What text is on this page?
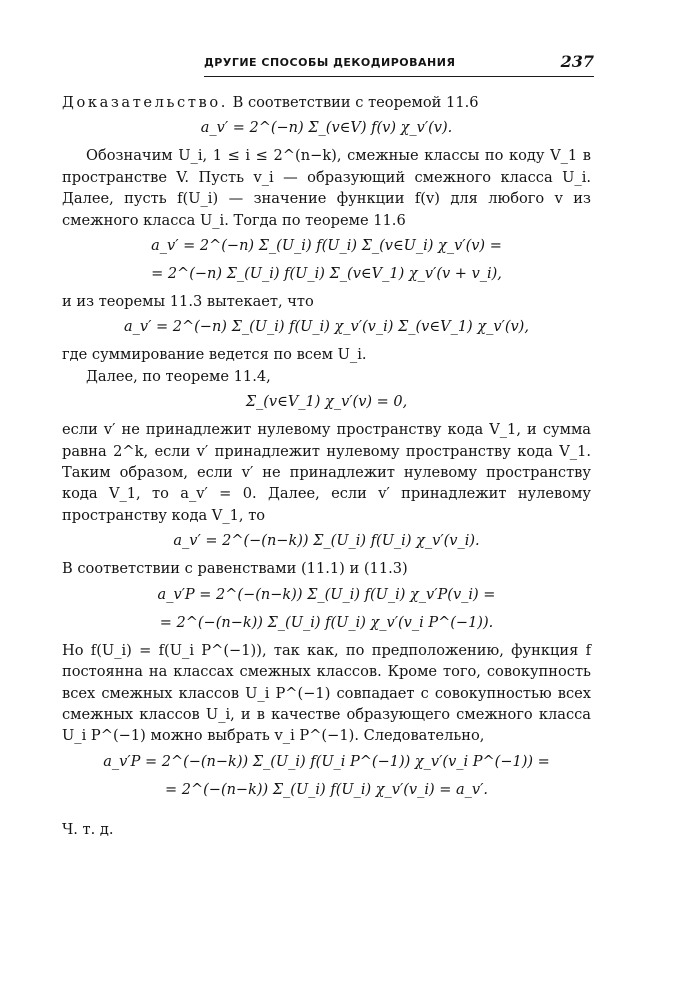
ДРУГИЕ СПОСОБЫ ДЕКОДИРОВАНИЯ	237

Доказательство. В соответствии с теоремой 11.6

a_v′ = 2^(−n) Σ_(v∈V) f(v) χ_v′(v).

Обозначим U_i, 1 ≤ i ≤ 2^(n−k), смежные классы по коду V_1 в пространстве V. Пусть v_i — образующий смежного класса U_i. Далее, пусть f(U_i) — значение функции f(v) для любого v из смежного класса U_i. Тогда по теореме 11.6

a_v′ = 2^(−n) Σ_(U_i) f(U_i) Σ_(v∈U_i) χ_v′(v) =
= 2^(−n) Σ_(U_i) f(U_i) Σ_(v∈V_1) χ_v′(v + v_i),

и из теоремы 11.3 вытекает, что

a_v′ = 2^(−n) Σ_(U_i) f(U_i) χ_v′(v_i) Σ_(v∈V_1) χ_v′(v),

где суммирование ведется по всем U_i.

Далее, по теореме 11.4,

Σ_(v∈V_1) χ_v′(v) = 0,

если v′ не принадлежит нулевому пространству кода V_1, и сумма равна 2^k, если v′ принадлежит нулевому пространству кода V_1. Таким образом, если v′ не принадлежит нулевому пространству кода V_1, то a_v′ = 0. Далее, если v′ принадлежит нулевому пространству кода V_1, то

a_v′ = 2^(−(n−k)) Σ_(U_i) f(U_i) χ_v′(v_i).

В соответствии с равенствами (11.1) и (11.3)

a_v′P = 2^(−(n−k)) Σ_(U_i) f(U_i) χ_v′P(v_i) =
= 2^(−(n−k)) Σ_(U_i) f(U_i) χ_v′(v_i P^(−1)).

Но f(U_i) = f(U_i P^(−1)), так как, по предположению, функция f постоянна на классах смежных классов. Кроме того, совокупность всех смежных классов U_i P^(−1) совпадает с совокупностью всех смежных классов U_i, и в качестве образующего смежного класса U_i P^(−1) можно выбрать v_i P^(−1). Следовательно,

a_v′P = 2^(−(n−k)) Σ_(U_i) f(U_i P^(−1)) χ_v′(v_i P^(−1)) =
= 2^(−(n−k)) Σ_(U_i) f(U_i) χ_v′(v_i) = a_v′.

Ч. т. д.
